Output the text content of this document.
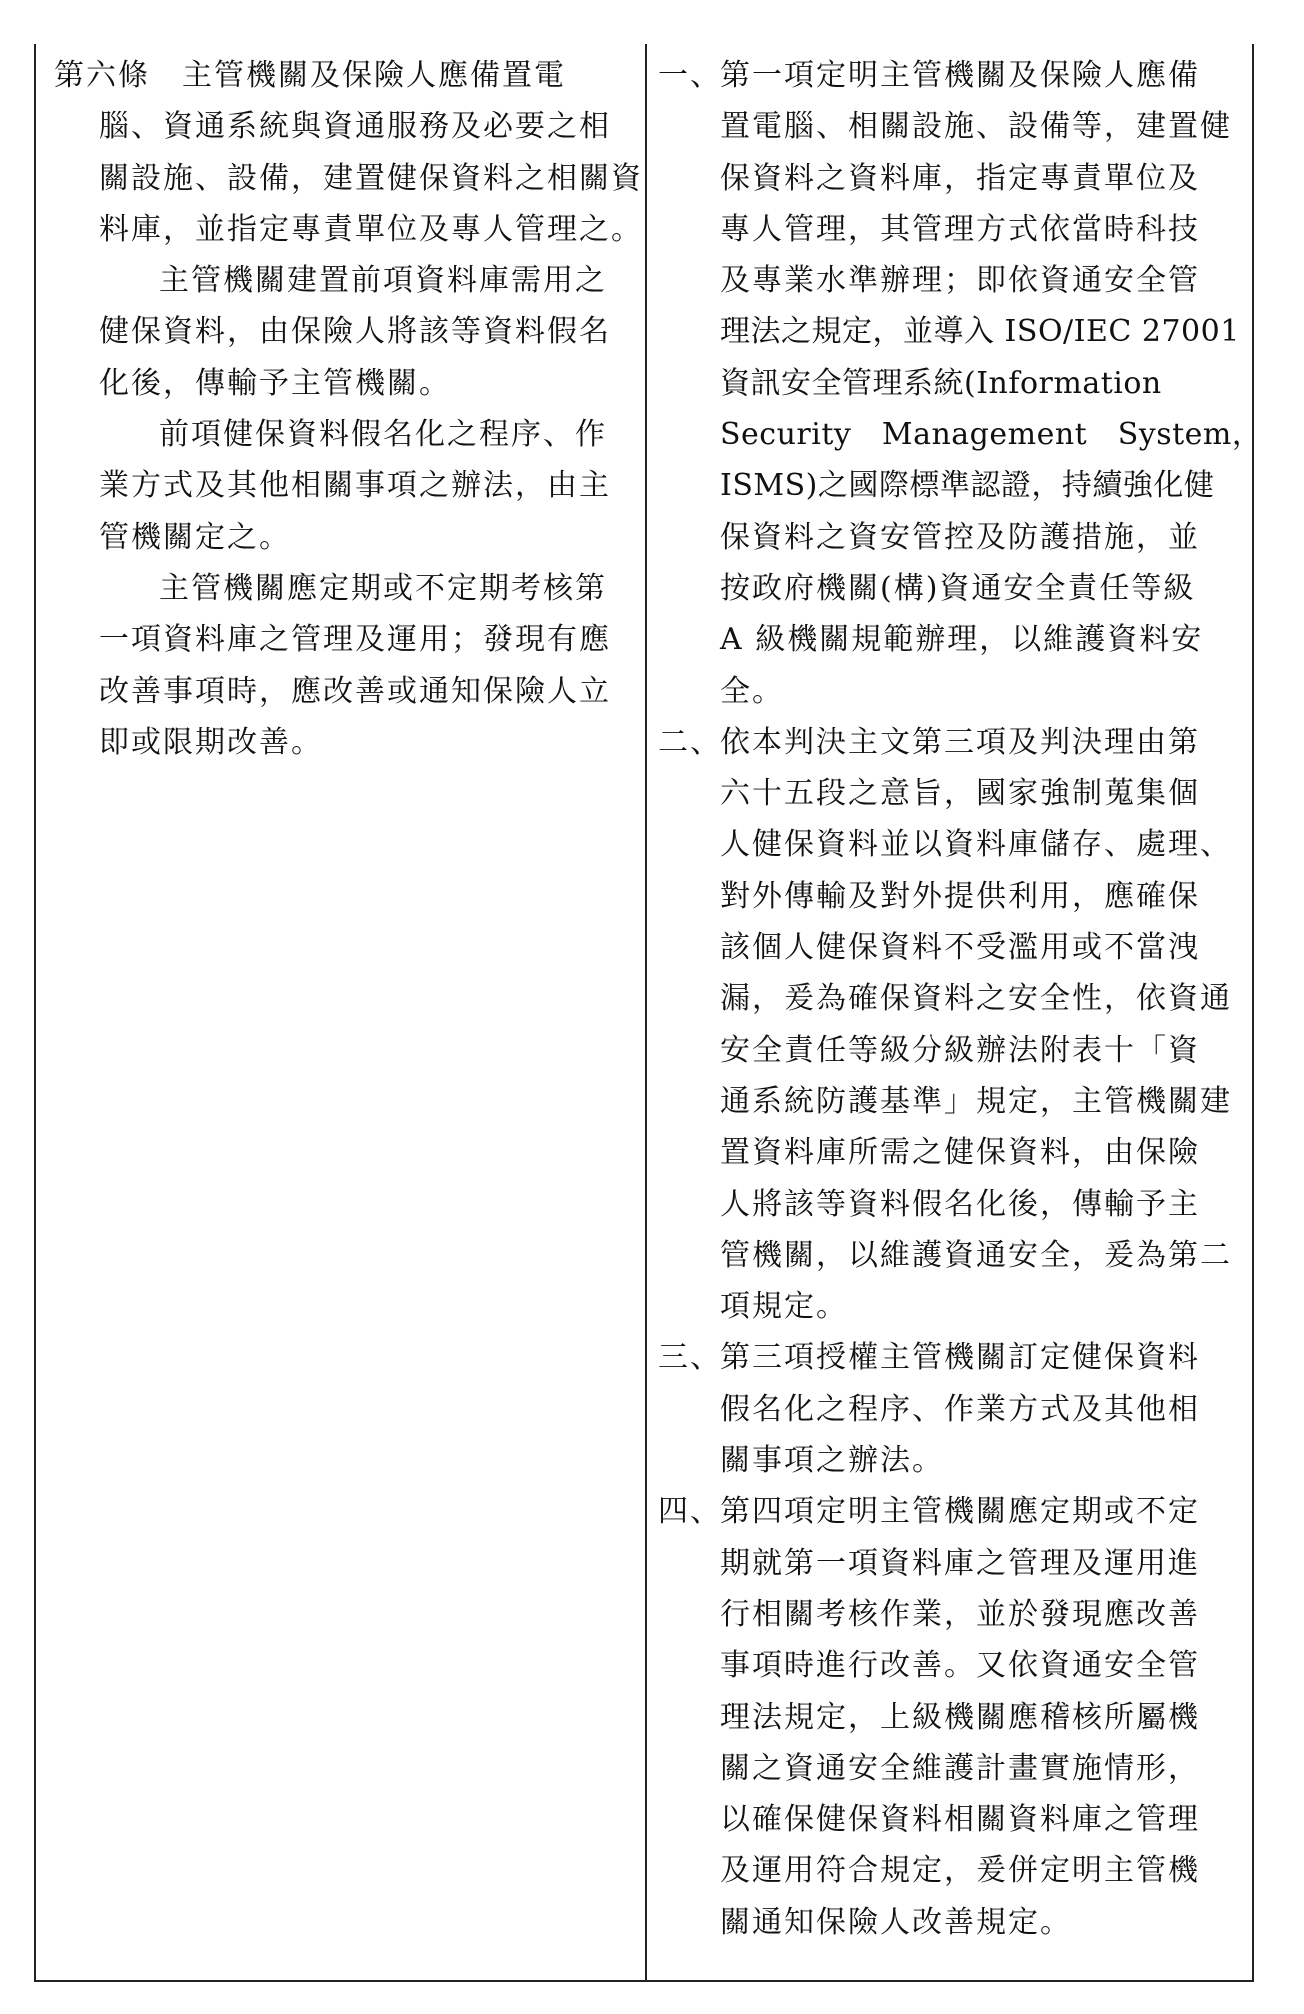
第六條　主管機關及保險人應備置電
腦、資通系統與資通服務及必要之相
關設施、設備，建置健保資料之相關資
料庫，並指定專責單位及專人管理之。
主管機關建置前項資料庫需用之
健保資料，由保險人將該等資料假名
化後，傳輸予主管機關。
前項健保資料假名化之程序、作
業方式及其他相關事項之辦法，由主
管機關定之。
主管機關應定期或不定期考核第
一項資料庫之管理及運用；發現有應
改善事項時，應改善或通知保險人立
即或限期改善。
一、第一項定明主管機關及保險人應備
置電腦、相關設施、設備等，建置健
保資料之資料庫，指定專責單位及
專人管理，其管理方式依當時科技
及專業水準辦理；即依資通安全管
理法之規定，並導入 ISO/IEC 27001
資訊安全管理系統(Information
Security　Management　System，
ISMS)之國際標準認證，持續強化健
保資料之資安管控及防護措施，並
按政府機關(構)資通安全責任等級
A 級機關規範辦理，以維護資料安
全。
二、依本判決主文第三項及判決理由第
六十五段之意旨，國家強制蒐集個
人健保資料並以資料庫儲存、處理、
對外傳輸及對外提供利用，應確保
該個人健保資料不受濫用或不當洩
漏，爰為確保資料之安全性，依資通
安全責任等級分級辦法附表十「資
通系統防護基準」規定，主管機關建
置資料庫所需之健保資料，由保險
人將該等資料假名化後，傳輸予主
管機關，以維護資通安全，爰為第二
項規定。
三、第三項授權主管機關訂定健保資料
假名化之程序、作業方式及其他相
關事項之辦法。
四、第四項定明主管機關應定期或不定
期就第一項資料庫之管理及運用進
行相關考核作業，並於發現應改善
事項時進行改善。又依資通安全管
理法規定，上級機關應稽核所屬機
關之資通安全維護計畫實施情形，
以確保健保資料相關資料庫之管理
及運用符合規定，爰併定明主管機
關通知保險人改善規定。
